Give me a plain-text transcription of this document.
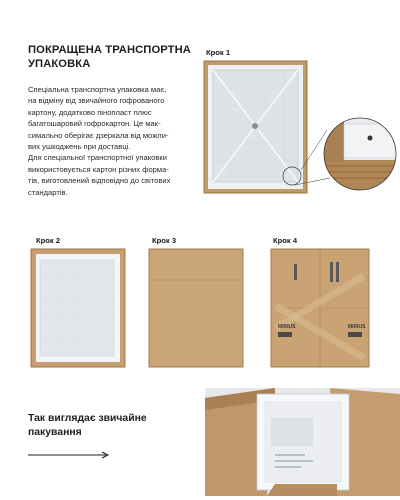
ПОКРАЩЕНА ТРАНСПОРТНА
УПАКОВКА
Спеціальна транспортна упаковка має,
на відміну від звичайного гофрованого
картону, додатково пінопласт плюс
багатошаровий гофрокартон. Це мак-
симально оберігає дзеркала від можли-
вих ушкоджень при доставці.
Для спеціальної транспортної упаковки
використовується картон різних форма-
тів, виготовлений відповідно до світових
стандартів.
Крок 1
Крок 2	Крок 3	Крок 4
MIRIUS	MIRIUS
Так виглядає звичайне
пакування
